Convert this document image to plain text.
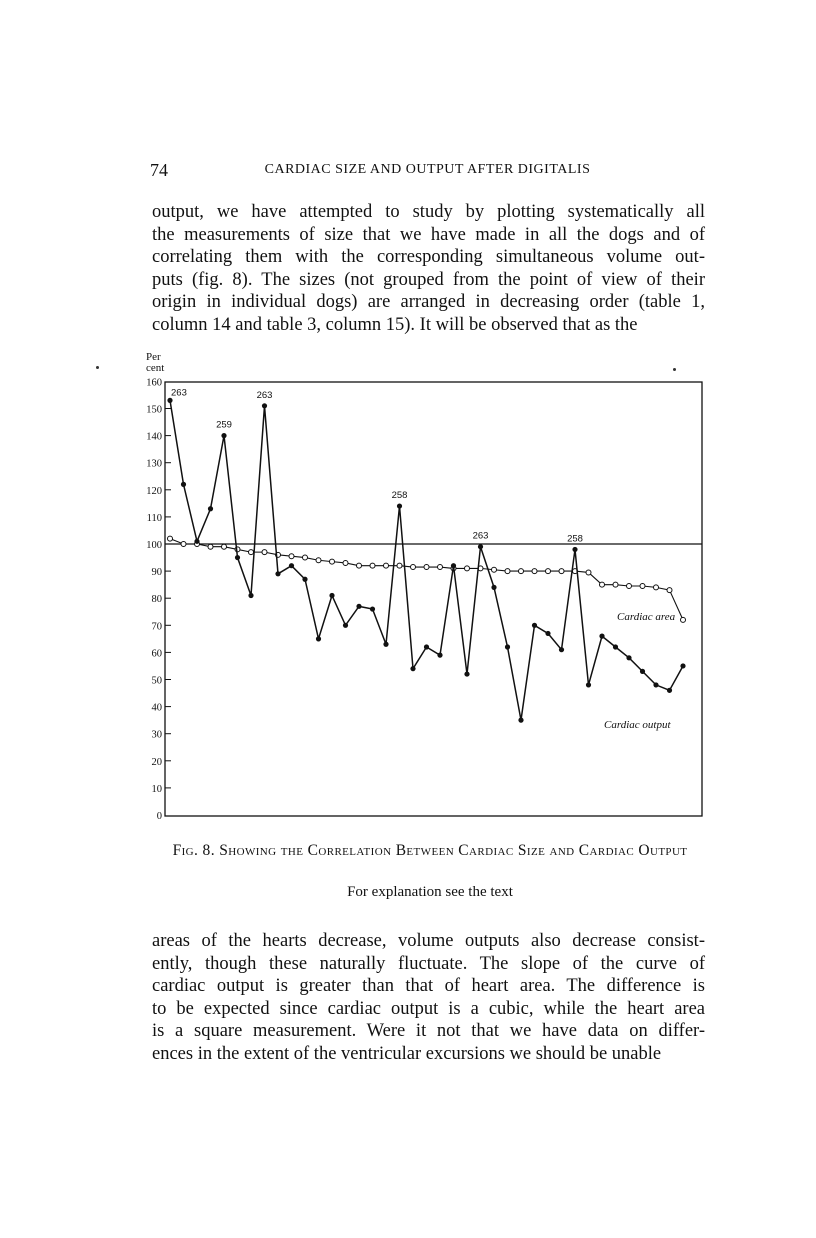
74	CARDIAC SIZE AND OUTPUT AFTER DIGITALIS
output, we have attempted to study by plotting systematically all
the measurements of size that we have made in all the dogs and of
correlating them with the corresponding simultaneous volume out-
puts (fig. 8). The sizes (not grouped from the point of view of their
origin in individual dogs) are arranged in decreasing order (table 1,
column 14 and table 3, column 15). It will be observed that as the
Per cent
160
150
140
130
120
110
100
90
80
70
60
50
40
30
20
10
0
263
259
263
258
263	258
Cardiac area
Cardiac output
Fig. 8. Showing the Correlation Between Cardiac Size and Cardiac Output
For explanation see the text
areas of the hearts decrease, volume outputs also decrease consist-
ently, though these naturally fluctuate. The slope of the curve of
cardiac output is greater than that of heart area. The difference is
to be expected since cardiac output is a cubic, while the heart area
is a square measurement. Were it not that we have data on differ-
ences in the extent of the ventricular excursions we should be unable
